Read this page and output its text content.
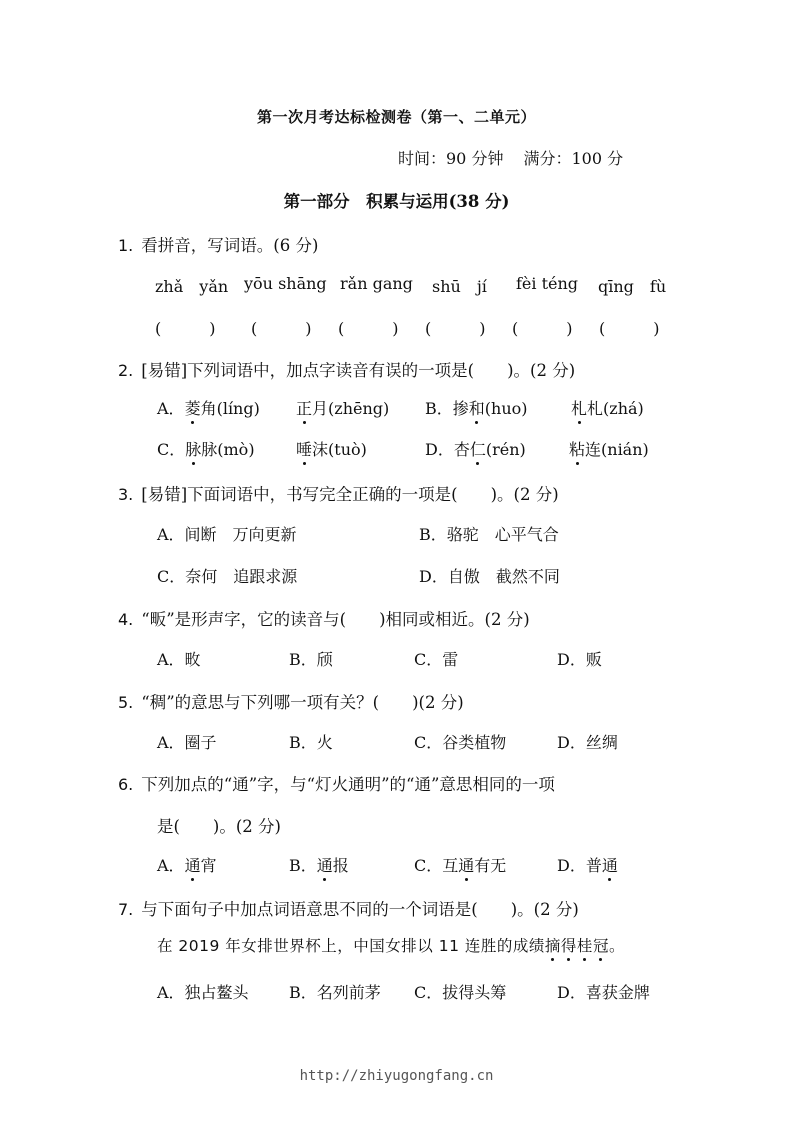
第一次月考达标检测卷（第一、二单元）
时间：90 分钟 满分：100 分
第一部分　积累与运用(38 分)
1. 看拼音，写词语。(6 分)
zhǎ　yǎn yōu shāng rǎn gang shū　jí fèi téng qīng　fù
(　　　) (　　　) (　　　) (　　　) (　　　) (　　　)
2. [易错]下列词语中，加点字读音有误的一项是(　　)。(2 分)
A．菱角(líng) 正月(zhēng) B．掺和(huo)	札札(zhá)
C．脉脉(mò)	唾沫(tuò)	D．杏仁(rén)	粘连(nián)
3. [易错]下面词语中，书写完全正确的一项是(　　)。(2 分)
A．间断　万向更新	B．骆驼　心平气合
C．奈何　追跟求源	D．自傲　截然不同
4. “畈”是形声字，它的读音与(　　)相同或相近。(2 分)
A．畋	B．颀	C．雷	D．贩
5. “稠”的意思与下列哪一项有关？(　　)(2 分)
A．圈子	B．火	C．谷类植物	D．丝绸
6. 下列加点的“通”字，与“灯火通明”的“通”意思相同的一项
是(　　)。(2 分)
A．通宵	B．通报	C．互通有无	D．普通
7. 与下面句子中加点词语意思不同的一个词语是(　　)。(2 分)
在 2019 年女排世界杯上，中国女排以 11 连胜的成绩摘得桂冠。
A．独占鳌头	B．名列前茅 C．拔得头筹	D．喜获金牌
http://zhiyugongfang.cn
